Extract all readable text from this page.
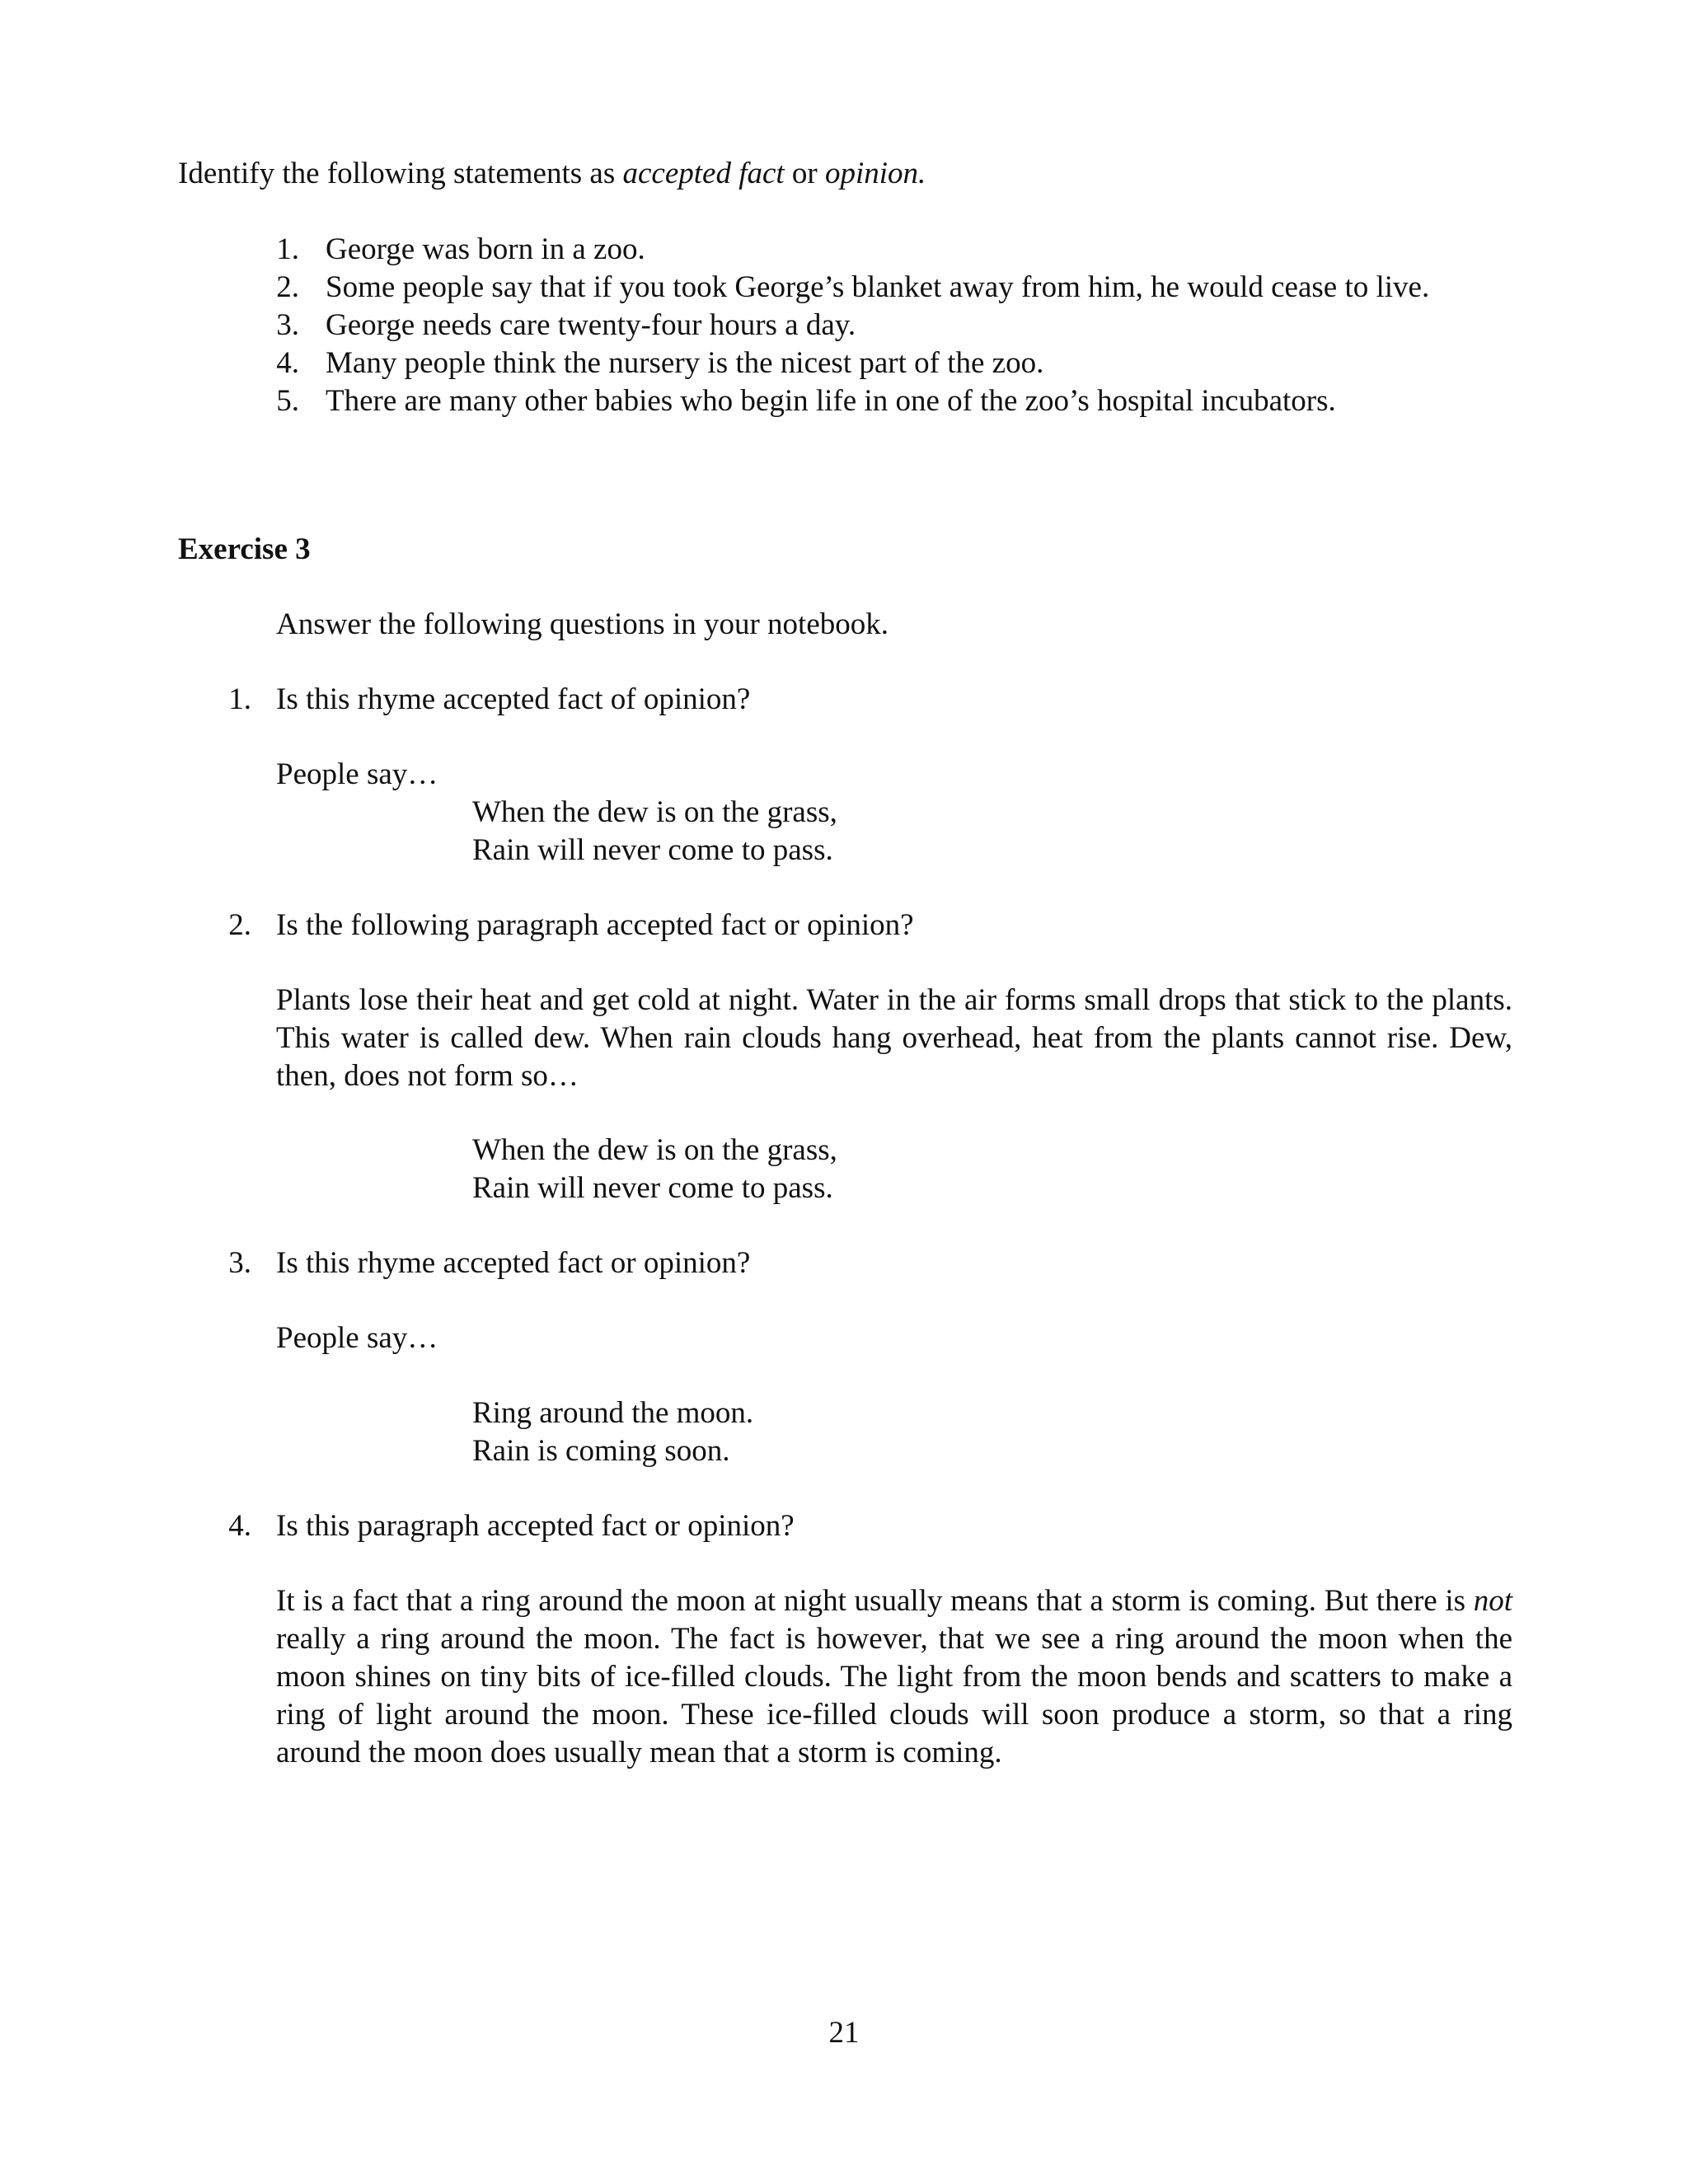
Identify the following statements as accepted fact or opinion.
1. George was born in a zoo.
2. Some people say that if you took George’s blanket away from him, he would cease to live.
3. George needs care twenty-four hours a day.
4. Many people think the nursery is the nicest part of the zoo.
5. There are many other babies who begin life in one of the zoo’s hospital incubators.
Exercise 3
Answer the following questions in your notebook.
1. Is this rhyme accepted fact of opinion?
People say…
When the dew is on the grass,
Rain will never come to pass.
2. Is the following paragraph accepted fact or opinion?
Plants lose their heat and get cold at night. Water in the air forms small drops that stick to the plants. This water is called dew. When rain clouds hang overhead, heat from the plants cannot rise. Dew, then, does not form so…
When the dew is on the grass,
Rain will never come to pass.
3. Is this rhyme accepted fact or opinion?
People say…
Ring around the moon.
Rain is coming soon.
4. Is this paragraph accepted fact or opinion?
It is a fact that a ring around the moon at night usually means that a storm is coming. But there is not really a ring around the moon. The fact is however, that we see a ring around the moon when the moon shines on tiny bits of ice-filled clouds. The light from the moon bends and scatters to make a ring of light around the moon. These ice-filled clouds will soon produce a storm, so that a ring around the moon does usually mean that a storm is coming.
21
